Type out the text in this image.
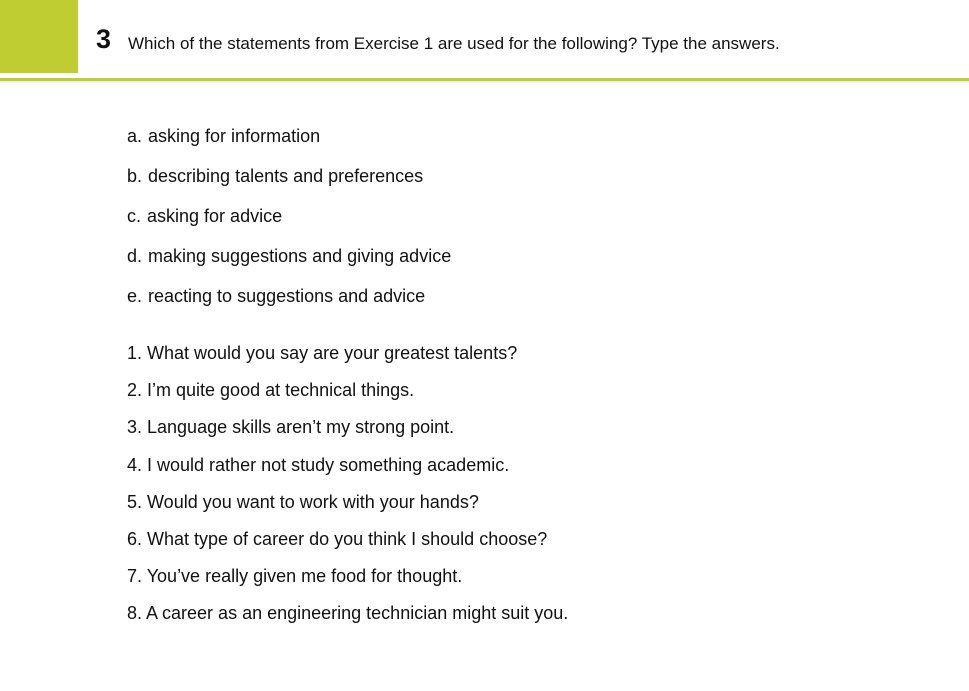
3 Which of the statements from Exercise 1 are used for the following? Type the answers.
a. asking for information
b. describing talents and preferences
c. asking for advice
d. making suggestions and giving advice
e. reacting to suggestions and advice
1. What would you say are your greatest talents?
2. I’m quite good at technical things.
3. Language skills aren’t my strong point.
4. I would rather not study something academic.
5. Would you want to work with your hands?
6. What type of career do you think I should choose?
7. You’ve really given me food for thought.
8. A career as an engineering technician might suit you.
